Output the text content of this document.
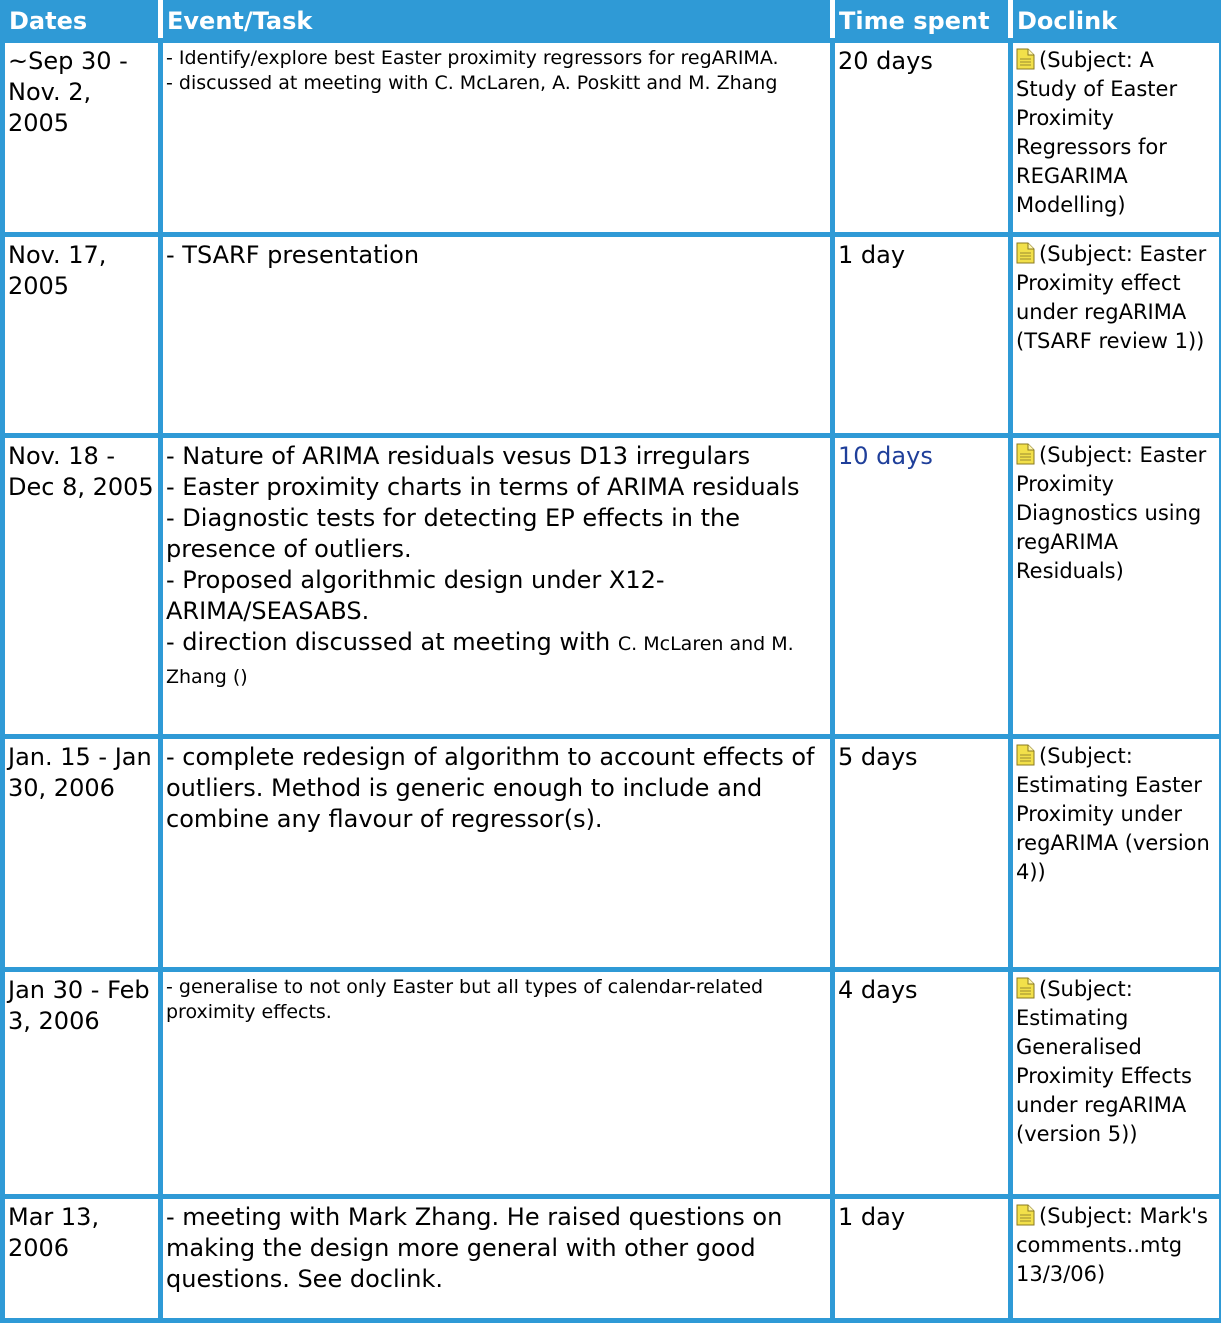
Dates	Event/Task	Time spent	Doclink
~Sep 30 - Nov. 2, 2005	- Identify/explore best Easter proximity regressors for regARIMA.
- discussed at meeting with C. McLaren, A. Poskitt and M. Zhang	20 days	(Subject: A Study of Easter Proximity Regressors for REGARIMA Modelling)
Nov. 17, 2005	- TSARF presentation	1 day	(Subject: Easter Proximity effect under regARIMA (TSARF review 1))
Nov. 18 - Dec 8, 2005	- Nature of ARIMA residuals vesus D13 irregulars
- Easter proximity charts in terms of ARIMA residuals
- Diagnostic tests for detecting EP effects in the presence of outliers.
- Proposed algorithmic design under X12-ARIMA/SEASABS.
- direction discussed at meeting with C. McLaren and M. Zhang ()	10 days	(Subject: Easter Proximity Diagnostics using regARIMA Residuals)
Jan. 15 - Jan 30, 2006	- complete redesign of algorithm to account effects of outliers. Method is generic enough to include and combine any flavour of regressor(s).	5 days	(Subject: Estimating Easter Proximity under regARIMA (version 4))
Jan 30 - Feb 3, 2006	- generalise to not only Easter but all types of calendar-related proximity effects.	4 days	(Subject: Estimating Generalised Proximity Effects under regARIMA (version 5))
Mar 13, 2006	- meeting with Mark Zhang. He raised questions on making the design more general with other good questions. See doclink.	1 day	(Subject: Mark's comments..mtg 13/3/06)
